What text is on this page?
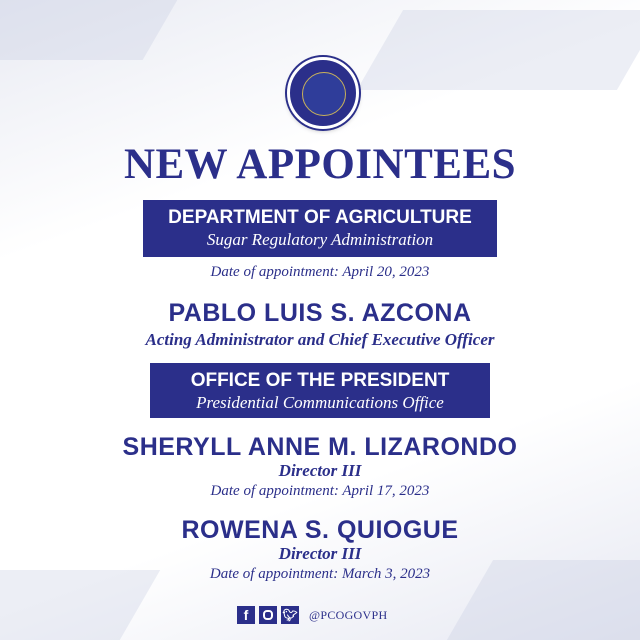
NEW APPOINTEES
DEPARTMENT OF AGRICULTURE
Sugar Regulatory Administration
Date of appointment: April 20, 2023
PABLO LUIS S. AZCONA
Acting Administrator and Chief Executive Officer
OFFICE OF THE PRESIDENT
Presidential Communications Office
SHERYLL ANNE M. LIZARONDO
Director III
Date of appointment: April 17, 2023
ROWENA S. QUIOGUE
Director III
Date of appointment: March 3, 2023
f	🐦︎ @PCOGOVPH
